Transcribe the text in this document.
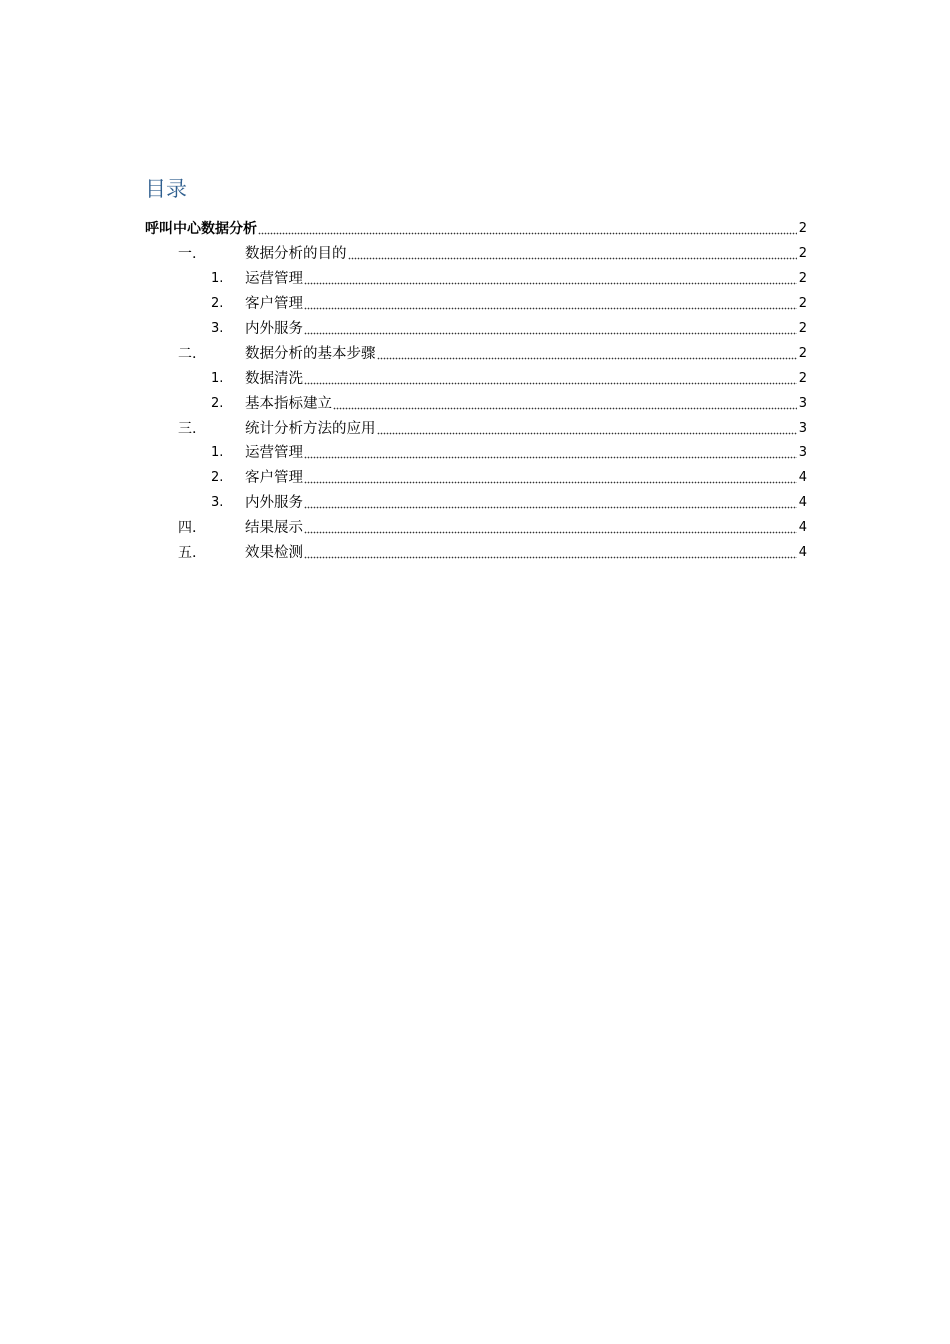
目录
呼叫中心数据分析	2
一.	数据分析的目的	2
1. 运营管理	2
2. 客户管理	2
3. 内外服务	2
二.	数据分析的基本步骤	2
1. 数据清洗	2
2. 基本指标建立	3
三.	统计分析方法的应用	3
1. 运营管理	3
2. 客户管理	4
3. 内外服务	4
四.	结果展示	4
五.	效果检测	4
